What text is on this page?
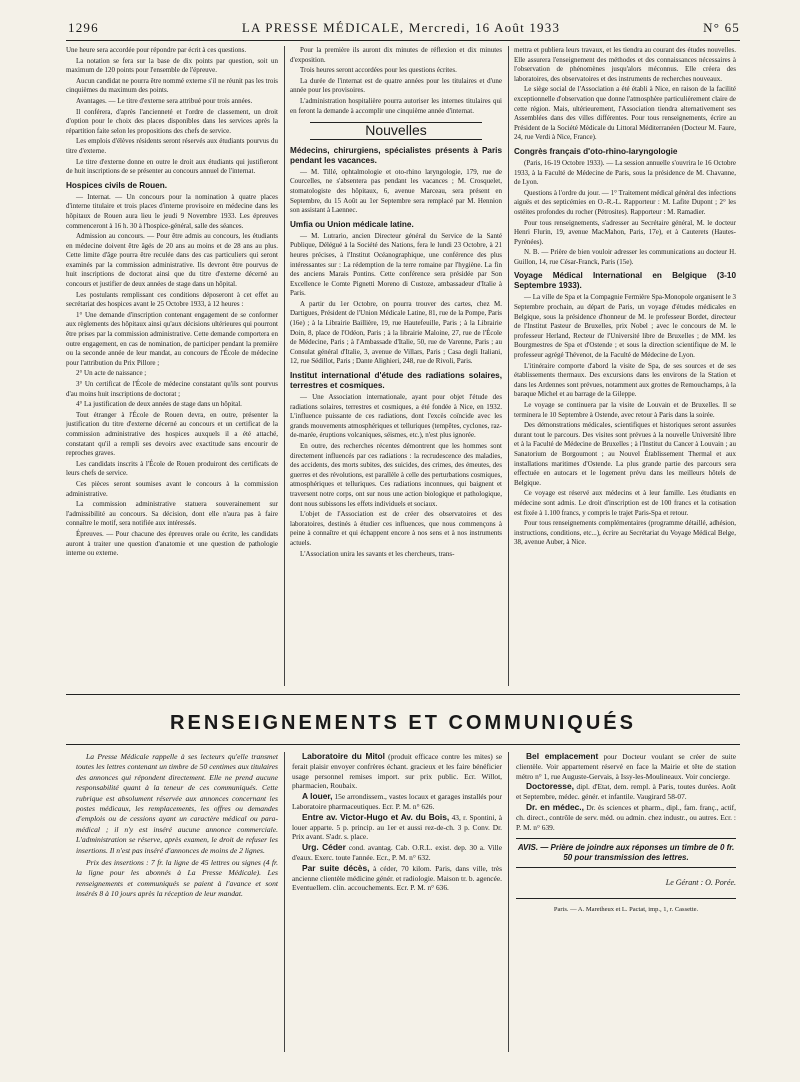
1296	LA PRESSE MÉDICALE, Mercredi, 16 Août 1933	N° 65

Une heure sera accordée pour répondre par écrit à ces questions.

La notation se fera sur la base de dix points par question, soit un maximum de 120 points pour l'ensemble de l'épreuve.

Aucun candidat ne pourra être nommé externe s'il ne réunit pas les trois cinquièmes du maximum des points.

Avantages. — Le titre d'externe sera attribué pour trois années.

Il conférera, d'après l'ancienneté et l'ordre de classement, un droit d'option pour le choix des places disponibles dans les services après la répartition faite selon les propositions des chefs de service.

Les emplois d'élèves résidents seront réservés aux étudiants pourvus du titre d'externe.

Le titre d'externe donne en outre le droit aux étudiants qui justifieront de huit inscriptions de se présenter au concours annuel de l'internat.

Hospices civils de Rouen.

— Internat. — Un concours pour la nomination à quatre places d'interne titulaire et trois places d'interne provisoire en médecine dans les hôpitaux de Rouen aura lieu le jeudi 9 Novembre 1933. Les épreuves commenceront à 16 h. 30 à l'hospice-général, salle des séances.

Admission au concours. — Pour être admis au concours, les étudiants en médecine doivent être âgés de 20 ans au moins et de 28 ans au plus. Cette limite d'âge pourra être reculée dans des cas particuliers qui seront examinés par la commission administrative. Ils devront être pourvus de huit inscriptions de doctorat ainsi que du titre d'externe décerné au concours et justifier de deux années de stage dans un hôpital.

Les postulants remplissant ces conditions déposeront à cet effet au secrétariat des hospices avant le 25 Octobre 1933, à 12 heures :

1° Une demande d'inscription contenant engagement de se conformer aux règlements des hôpitaux ainsi qu'aux décisions ultérieures qui pourront être prises par la commission administrative. Cette demande comportera en outre engagement, en cas de nomination, de participer pendant la première ou la seconde année de leur mandat, au concours de l'École de médecine pour l'attribution du Prix Pillore ;

2° Un acte de naissance ;

3° Un certificat de l'École de médecine constatant qu'ils sont pourvus d'au moins huit inscriptions de doctorat ;

4° La justification de deux années de stage dans un hôpital.

Tout étranger à l'École de Rouen devra, en outre, présenter la justification du titre d'externe décerné au concours et un certificat de la commission administrative des hospices auxquels il a été attaché, constatant qu'il a rempli ses devoirs avec exactitude sans encourir de reproches graves.

Les candidats inscrits à l'École de Rouen produiront des certificats de leurs chefs de service.

Ces pièces seront soumises avant le concours à la commission administrative.

La commission administrative statuera souverainement sur l'admissibilité au concours. Sa décision, dont elle n'aura pas à faire connaître le motif, sera notifiée aux intéressés.

Épreuves. — Pour chacune des épreuves orale ou écrite, les candidats auront à traiter une question d'anatomie et une question de pathologie interne ou externe.

Pour la première ils auront dix minutes de réflexion et dix minutes d'exposition.

Trois heures seront accordées pour les questions écrites.

La durée de l'internat est de quatre années pour les titulaires et d'une année pour les provisoires.

L'administration hospitalière pourra autoriser les internes titulaires qui en feront la demande à accomplir une cinquième année d'internat.

Nouvelles
Médecins, chirurgiens, spécialistes présents à Paris pendant les vacances.

— M. Tillé, ophtalmologie et oto-rhino laryngologie, 179, rue de Courcelles, ne s'absentera pas pendant les vacances ; M. Crosquelet, stomatologiste des hôpitaux, 6, avenue Marceau, sera présent en Septembre, du 15 Août au 1er Septembre sera remplacé par M. Hennion son assistant à Laennec.

Umfia ou Union médicale latine.

— M. Lutrario, ancien Directeur général du Service de la Santé Publique, Délégué à la Société des Nations, fera le lundi 23 Octobre, à 21 heures précises, à l'Institut Océanographique, une conférence des plus intéressantes sur : La rédemption de la terre romaine par l'hygiène. La fin des anciens Marais Pontins. Cette conférence sera présidée par Son Excellence le Comte Pignetti Moreno di Custoze, ambassadeur d'Italie à Paris.

A partir du 1er Octobre, on pourra trouver des cartes, chez M. Dartigues, Président de l'Union Médicale Latine, 81, rue de la Pompe, Paris (16e) ; à la Librairie Baillière, 19, rue Hautefeuille, Paris ; à la Librairie Doin, 8, place de l'Odéon, Paris ; à la librairie Maloine, 27, rue de l'École de Médecine, Paris ; à l'Ambassade d'Italie, 50, rue de Varenne, Paris ; au Consulat général d'Italie, 3, avenue de Villars, Paris ; Casa degli Italiani, 12, rue Sédillot, Paris ; Dante Alighieri, 248, rue de Rivoli, Paris.

Institut international d'étude des radiations solaires, terrestres et cosmiques.

— Une Association internationale, ayant pour objet l'étude des radiations solaires, terrestres et cosmiques, a été fondée à Nice, en 1932. L'influence puissante de ces radiations, dont l'excès coïncide avec les grands mouvements atmosphériques et telluriques (tempêtes, cyclones, raz-de-marée, éruptions volcaniques, séismes, etc.), n'est plus ignorée.

En outre, des recherches récentes démontrent que les hommes sont directement influencés par ces radiations : la recrudescence des maladies, des accidents, des morts subites, des suicides, des crimes, des émeutes, des guerres et des révolutions, est parallèle à celle des perturbations cosmiques, atmosphériques et telluriques. Ces radiations inconnues, qui baignent et traversent notre corps, ont sur nous une action biologique et pathologique, dont nous subissons les effets individuels et sociaux.

L'objet de l'Association est de créer des observatoires et des laboratoires, destinés à étudier ces influences, que nous commençons à peine à connaître et qui échappent encore à nos sens et à nos instruments actuels.

L'Association unira les savants et les chercheurs, trans-

mettra et publiera leurs travaux, et les tiendra au courant des études nouvelles. Elle assurera l'enseignement des méthodes et des connaissances nécessaires à l'observation de phénomènes jusqu'alors méconnus. Elle créera des laboratoires, des observatoires et des instruments de recherches nouveaux.

Le siège social de l'Association a été établi à Nice, en raison de la facilité exceptionnelle d'observation que donne l'atmosphère particulièrement claire de cette région. Mais, ultérieurement, l'Association tiendra alternativement ses Assemblées dans des villes différentes. Pour tous renseignements, écrire au Président de la Société Médicale du Littoral Méditerranéen (Docteur M. Faure, 24, rue Verdi à Nice, France).

Congrès français d'oto-rhino-laryngologie

(Paris, 16-19 Octobre 1933). — La session annuelle s'ouvrira le 16 Octobre 1933, à la Faculté de Médecine de Paris, sous la présidence de M. Chavanne, de Lyon.

Questions à l'ordre du jour. — 1° Traitement médical général des infections aiguës et des septicémies en O.-R.-L. Rapporteur : M. Lafite Dupont ; 2° les ostéites profondes du rocher (Pétrosites). Rapporteur : M. Ramadier.

Pour tous renseignements, s'adresser au Secrétaire général, M. le docteur Henri Flurin, 19, avenue MacMahon, Paris, 17e), et à Cauterets (Hautes-Pyrénées).

N. B. — Prière de bien vouloir adresser les communications au docteur H. Guillon, 14, rue César-Franck, Paris (15e).

Voyage Médical International en Belgique (3-10 Septembre 1933).

— La ville de Spa et la Compagnie Fermière Spa-Monopole organisent le 3 Septembre prochain, au départ de Paris, un voyage d'études médicales en Belgique, sous la présidence d'honneur de M. le professeur Bordet, directeur de l'Institut Pasteur de Bruxelles, prix Nobel ; avec le concours de M. le professeur Herland, Recteur de l'Université libre de Bruxelles ; de MM. les Bourgmestres de Spa et d'Ostende ; et sous la direction scientifique de M. le professeur agrégé Thévenot, de la Faculté de Médecine de Lyon.

L'itinéraire comporte d'abord la visite de Spa, de ses sources et de ses établissements thermaux. Des excursions dans les environs de la Station et dans les Ardennes sont prévues, notamment aux grottes de Remouchamps, à la baraque Michel et au barrage de la Gileppe.

Le voyage se continuera par la visite de Louvain et de Bruxelles. Il se terminera le 10 Septembre à Ostende, avec retour à Paris dans la soirée.

Des démonstrations médicales, scientifiques et historiques seront assurées durant tout le parcours. Des visites sont prévues à la nouvelle Université libre et à la Faculté de Médecine de Bruxelles ; à l'Institut du Cancer à Louvain ; au Sanatorium de Borgoumont ; au Nouvel Établissement Thermal et aux installations maritimes d'Ostende. La plus grande partie des parcours sera effectuée en autocars et le logement prévu dans les meilleurs hôtels de Belgique.

Ce voyage est réservé aux médecins et à leur famille. Les étudiants en médecine sont admis. Le droit d'inscription est de 100 francs et la cotisation est fixée à 1.100 francs, y compris le trajet Paris-Spa et retour.

Pour tous renseignements complémentaires (programme détaillé, adhésion, instructions, conditions, etc...), écrire au Secrétariat du Voyage Médical Belge, 38, avenue Auber, à Nice.

RENSEIGNEMENTS ET COMMUNIQUÉS

La Presse Médicale rappelle à ses lecteurs qu'elle transmet toutes les lettres contenant un timbre de 50 centimes aux titulaires des annonces qui répondent directement. Elle ne prend aucune responsabilité quant à la teneur de ces communiqués. Cette rubrique est absolument réservée aux annonces concernant les postes médicaux, les remplacements, les offres ou demandes d'emplois ou de cessions ayant un caractère médical ou para-médical ; il n'y est inséré aucune annonce commerciale. L'administration se réserve, après examen, le droit de refuser les insertions. Il n'est pas inséré d'annonces de moins de 2 lignes.

Prix des insertions : 7 fr. la ligne de 45 lettres ou signes (4 fr. la ligne pour les abonnés à La Presse Médicale). Les renseignements et communiqués se paient à l'avance et sont insérés 8 à 10 jours après la réception de leur mandat.

Laboratoire du Mitol (produit efficace contre les mites) se ferait plaisir envoyer confrères échant. gracieux et les faire bénéficier usage personnel remises import. sur prix public. Ecr. Willot, pharmacien, Roubaix.

A louer, 15e arrondissem., vastes locaux et garages installés pour Laboratoire pharmaceutiques. Ecr. P. M. n° 626.

Entre av. Victor-Hugo et Av. du Bois, 43, r. Spontini, à louer apparte. 5 p. princip. au 1er et aussi rez-de-ch. 3 p. Conv. Dr. Prix avant. S'adr. s. place.

Urg. Céder cond. avantag. Cab. O.R.L. exist. dep. 30 a. Ville d'eaux. Exerc. toute l'année. Ecr., P. M. n° 632.

Par suite décès, à céder, 70 kilom. Paris, dans ville, très ancienne clientèle médicine génér. et radiologie. Maison tr. b. agencée. Eventuellem. clin. accouchements. Ecr. P. M. n° 636.

Bel emplacement pour Docteur voulant se créer de suite clientèle. Voir appartement réservé en face la Mairie et tête de station métro n° 1, rue Auguste-Gervais, à Issy-les-Moulineaux. Voir concierge.

Doctoresse, dipl. d'Etat, dem. rempl. à Paris, toutes durées. Août et Septembre, médec. génér. et infantile. Vaugirard 58-07.

Dr. en médec., Dr. ès sciences et pharm., dipl., fam. franç., actif, ch. direct., contrôle de serv. méd. ou admin. chez industr., ou autres. Ecr. : P. M. n° 639.

AVIS. — Prière de joindre aux réponses un timbre de 0 fr. 50 pour transmission des lettres.
Le Gérant : O. Porée.
Paris. — A. Maretheux et L. Pactat, imp., 1, r. Cassette.
